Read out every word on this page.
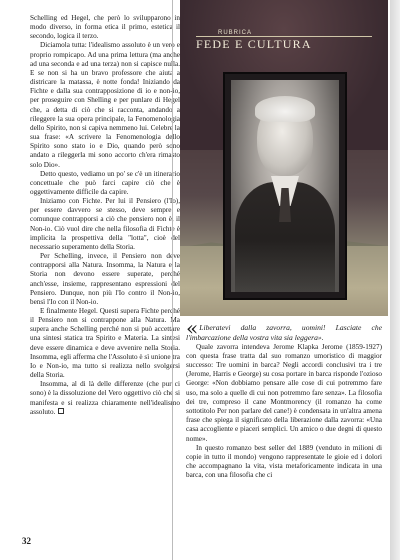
Schelling ed Hegel, che però lo svilupparono in modo diverso, in forma etica il primo, estetica il secondo, logica il terzo.

Diciamola tutta: l'idealismo assoluto è un vero e proprio rompicapo. Ad una prima lettura (ma anche ad una seconda e ad una terza) non si capisce nulla. E se non si ha un bravo professore che aiuta a districare la matassa, è notte fonda! Iniziando da Fichte e dalla sua contrapposizione di io e non-io, per proseguire con Shelling e per punlare di Hegel che, a detta di ciò che si racconta, andando a rileggere la sua opera principale, la Fenomenologia dello Spirito, non si capiva nemmeno lui. Celebre la sua frase: «A scrivere la Fenomenologia dello Spirito sono stato io e Dio, quando però sono andato a rileggerla mi sono accorto ch'era rimasto solo Dio».

Detto questo, vediamo un po' se c'è un itinerario concettuale che può farci capire ciò che è oggettivamente difficile da capire.

Iniziamo con Fichte. Per lui il Pensiero (l'Io), per essere davvero se stesso, deve sempre e comunque contrapporsi a ciò che pensiero non è, il Non-io. Ciò vuol dire che nella filosofia di Fichte è implicita la prospettiva della "lotta", cioè del necessario superamento della Storia.

Per Schelling, invece, il Pensiero non deve contrapporsi alla Natura. Insomma, la Natura e la Storia non devono essere superate, perché anch'esse, insieme, rappresentano espressioni del Pensiero. Dunque, non più l'Io contro il Non-io, bensì l'Io con il Non-io.

E finalmente Hegel. Questi supera Fichte perché il Pensiero non si contrappone alla Natura. Ma supera anche Schelling perché non si può accettare una sintesi statica tra Spirito e Materia. La sintesi deve essere dinamica e deve avvenire nella Storia. Insomma, egli afferma che l'Assoluto è sì unione tra Io e Non-io, ma tutto si realizza nello svolgersi della Storia.

Insomma, al di là delle differenze (che pur ci sono) è la dissoluzione del Vero oggettivo ciò che si manifesta e si realizza chiaramente nell'idealismo assoluto.

RUBRICA
FEDE E CULTURA

«Liberatevi dalla zavorra, uomini! Lasciate che l'imbarcazione della vostra vita sia leggera».

Quale zavorra intendeva Jerome Klapka Jerome (1859-1927) con questa frase tratta dal suo romanzo umoristico di maggior successo: Tre uomini in barca? Negli accordi conclusivi tra i tre (Jerome, Harris e George) su cosa portare in barca risponde l'ozioso George: «Non dobbiamo pensare alle cose di cui potremmo fare uso, ma solo a quelle di cui non potremmo fare senza». La filosofia dei tre, compreso il cane Montmorency (il romanzo ha come sottotitolo Per non parlare del cane!) è condensata in un'altra amena frase che spiega il significato della liberazione dalla zavorra: «Una casa accogliente e piaceri semplici. Un amico o due degni di questo nome».

In questo romanzo best seller del 1889 (venduto in milioni di copie in tutto il mondo) vengono rappresentate le gioie ed i dolori che accompagnano la vita, vista metaforicamente indicata in una barca, con una filosofia che ci

32
